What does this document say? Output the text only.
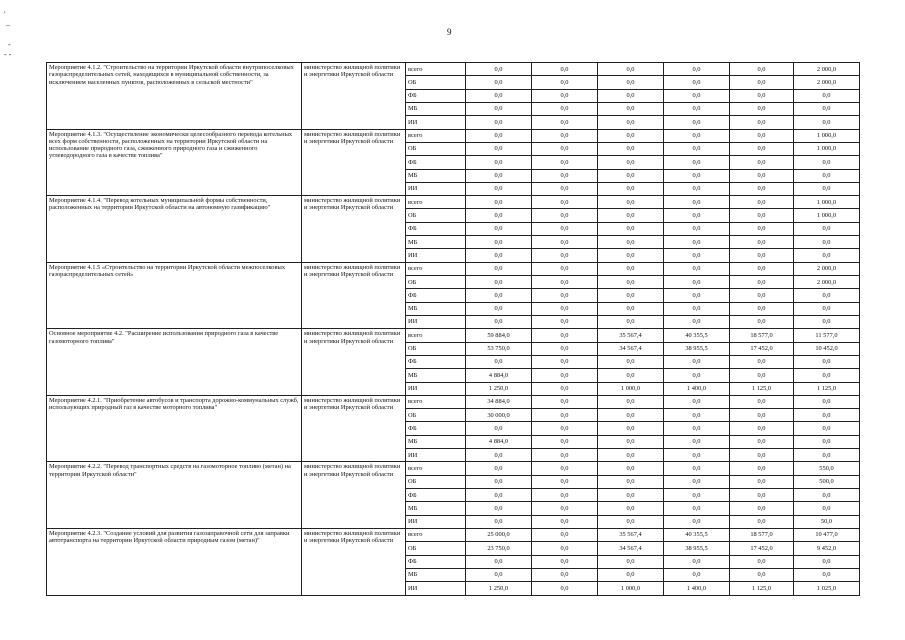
'
–

-
- -
9
Мероприятие 4.1.2. "Строительство на территории Иркутской области внутрипоселковых газораспределительных сетей, находящихся в муниципальной собственности, за исключением населенных пунктов, расположенных в сельской местности"	министерство жилищной политики и энергетики Иркутской области	всего	0,0	0,0	0,0	0,0	0,0	2 000,0
		ОБ	0,0	0,0	0,0	0,0	0,0	2 000,0
		ФБ	0,0	0,0	0,0	0,0	0,0	0,0
		МБ	0,0	0,0	0,0	0,0	0,0	0,0
		ИИ	0,0	0,0	0,0	0,0	0,0	0,0
Мероприятие 4.1.3. "Осуществление экономически целесообразного перевода котельных всех форм собственности, расположенных на территории Иркутской области на использование природного газа, сжиженного природного газа и сжиженного углеводородного газа в качестве топлива"	министерство жилищной политики и энергетики Иркутской области	всего	0,0	0,0	0,0	0,0	0,0	1 000,0
		ОБ	0,0	0,0	0,0	0,0	0,0	1 000,0
		ФБ	0,0	0,0	0,0	0,0	0,0	0,0
		МБ	0,0	0,0	0,0	0,0	0,0	0,0
		ИИ	0,0	0,0	0,0	0,0	0,0	0,0
Мероприятие 4.1.4. "Перевод котельных муниципальной формы собственности, расположенных на территории Иркутской области на автономную газификацию"	министерство жилищной политики и энергетики Иркутской области	всего	0,0	0,0	0,0	0,0	0,0	1 000,0
		ОБ	0,0	0,0	0,0	0,0	0,0	1 000,0
		ФБ	0,0	0,0	0,0	0,0	0,0	0,0
		МБ	0,0	0,0	0,0	0,0	0,0	0,0
		ИИ	0,0	0,0	0,0	0,0	0,0	0,0
Мероприятие 4.1.5 «Строительство на территории Иркутской области межпоселковых газораспределительных сетей»	министерство жилищной политики и энергетики Иркутской области	всего	0,0	0,0	0,0	0,0	0,0	2 000,0
		ОБ	0,0	0,0	0,0	0,0	0,0	2 000,0
		ФБ	0,0	0,0	0,0	0,0	0,0	0,0
		МБ	0,0	0,0	0,0	0,0	0,0	0,0
		ИИ	0,0	0,0	0,0	0,0	0,0	0,0
Основное мероприятие 4.2. "Расширение использования природного газа в качестве газомоторного топлива"	министерство жилищной политики и энергетики Иркутской области	всего	59 884,0	0,0	35 567,4	40 355,5	18 577,0	11 577,0
		ОБ	53 750,0	0,0	34 567,4	38 955,5	17 452,0	10 452,0
		ФБ	0,0	0,0	0,0	0,0	0,0	0,0
		МБ	4 884,0	0,0	0,0	0,0	0,0	0,0
		ИИ	1 250,0	0,0	1 000,0	1 400,0	1 125,0	1 125,0
Мероприятие 4.2.1. "Приобретение автобусов и транспорта дорожно-коммунальных служб, использующих природный газ в качестве моторного топлива"	министерство жилищной политики и энергетики Иркутской области	всего	34 884,0	0,0	0,0	0,0	0,0	0,0
		ОБ	30 000,0	0,0	0,0	0,0	0,0	0,0
		ФБ	0,0	0,0	0,0	0,0	0,0	0,0
		МБ	4 884,0	0,0	0,0	0,0	0,0	0,0
		ИИ	0,0	0,0	0,0	0,0	0,0	0,0
Мероприятие 4.2.2. "Перевод транспортных средств на газомоторное топливо (метан) на территории Иркутской области"	министерство жилищной политики и энергетики Иркутской области	всего	0,0	0,0	0,0	0,0	0,0	550,0
		ОБ	0,0	0,0	0,0	0,0	0,0	500,0
		ФБ	0,0	0,0	0,0	0,0	0,0	0,0
		МБ	0,0	0,0	0,0	0,0	0,0	0,0
		ИИ	0,0	0,0	0,0	0,0	0,0	50,0
Мероприятие 4.2.3. "Создание условий для развития газозаправочной сети для заправки автотранспорта на территории Иркутской области природным газом (метан)"	министерство жилищной политики и энергетики Иркутской области	всего	25 000,0	0,0	35 567,4	40 355,5	18 577,0	10 477,0
		ОБ	23 750,0	0,0	34 567,4	38 955,5	17 452,0	9 452,0
		ФБ	0,0	0,0	0,0	0,0	0,0	0,0
		МБ	0,0	0,0	0,0	0,0	0,0	0,0
		ИИ	1 250,0	0,0	1 000,0	1 400,0	1 125,0	1 025,0
